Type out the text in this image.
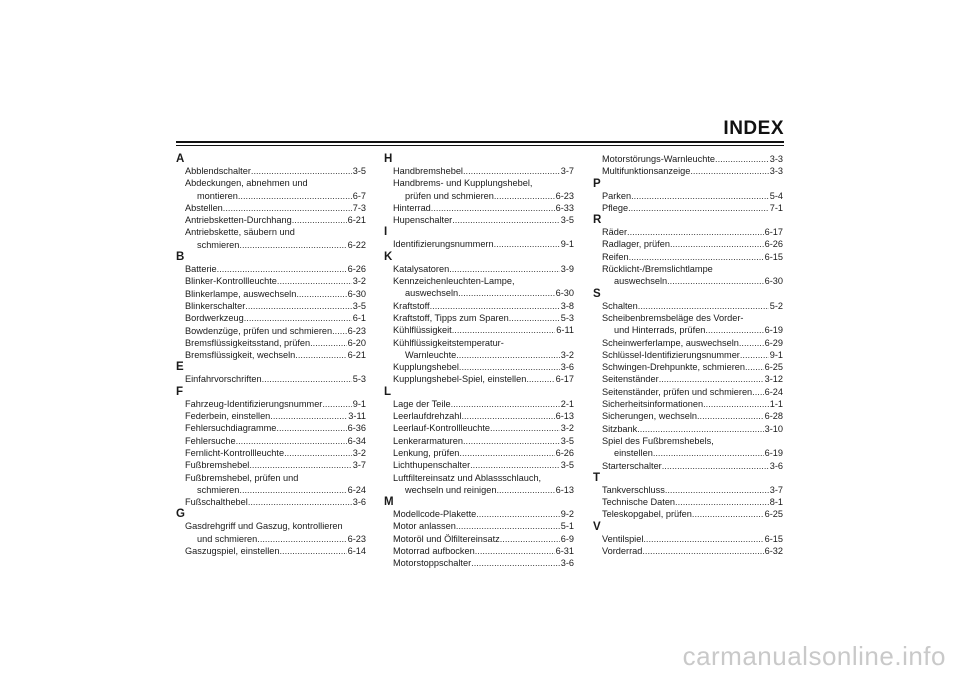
INDEX
A
Abblendschalter .....	3-5
Abdeckungen, abnehmen und
montieren .....	6-7
Abstellen .....	7-3
Antriebsketten-Durchhang .....	6-21
Antriebskette, säubern und
schmieren .....	6-22
B
Batterie .....	6-26
Blinker-Kontrollleuchte .....	3-2
Blinkerlampe, auswechseln .....	6-30
Blinkerschalter .....	3-5
Bordwerkzeug .....	6-1
Bowdenzüge, prüfen und schmieren ..... 6-23
Bremsflüssigkeitsstand, prüfen .....	6-20
Bremsflüssigkeit, wechseln .....	6-21
E
Einfahrvorschriften .....	5-3
F
Fahrzeug-Identifizierungsnummer .....	9-1
Federbein, einstellen .....	3-11
Fehlersuchdiagramme .....	6-36
Fehlersuche .....	6-34
Fernlicht-Kontrollleuchte .....	3-2
Fußbremshebel .....	3-7
Fußbremshebel, prüfen und
schmieren .....	6-24
Fußschalthebel .....	3-6
G
Gasdrehgriff und Gaszug, kontrollieren
und schmieren .....	6-23
Gaszugspiel, einstellen .....	6-14
H
Handbremshebel .....	3-7
Handbrems- und Kupplungshebel,
prüfen und schmieren .....	6-23
Hinterrad .....	6-33
Hupenschalter .....	3-5
I
Identifizierungsnummern .....	9-1
K
Katalysatoren .....	3-9
Kennzeichenleuchten-Lampe,
auswechseln .....	6-30
Kraftstoff .....	3-8
Kraftstoff, Tipps zum Sparen .....	5-3
Kühlflüssigkeit .....	6-11
Kühlflüssigkeitstemperatur-
Warnleuchte .....	3-2
Kupplungshebel .....	3-6
Kupplungshebel-Spiel, einstellen .....	6-17
L
Lage der Teile .....	2-1
Leerlaufdrehzahl .....	6-13
Leerlauf-Kontrollleuchte .....	3-2
Lenkerarmaturen .....	3-5
Lenkung, prüfen .....	6-26
Lichthupenschalter .....	3-5
Luftfiltereinsatz und Ablassschlauch,
wechseln und reinigen .....	6-13
M
Modellcode-Plakette .....	9-2
Motor anlassen .....	5-1
Motoröl und Ölfiltereinsatz .....	6-9
Motorrad aufbocken .....	6-31
Motorstoppschalter .....	3-6
Motorstörungs-Warnleuchte .....	3-3
Multifunktionsanzeige .....	3-3
P
Parken .....	5-4
Pflege .....	7-1
R
Räder .....	6-17
Radlager, prüfen .....	6-26
Reifen .....	6-15
Rücklicht-/Bremslichtlampe
auswechseln .....	6-30
S
Schalten .....	5-2
Scheibenbremsbeläge des Vorder-
und Hinterrads, prüfen .....	6-19
Scheinwerferlampe, auswechseln .....	6-29
Schlüssel-Identifizierungsnummer .....	9-1
Schwingen-Drehpunkte, schmieren ..... 6-25
Seitenständer .....	3-12
Seitenständer, prüfen und schmieren ..... 6-24
Sicherheitsinformationen .....	1-1
Sicherungen, wechseln .....	6-28
Sitzbank .....	3-10
Spiel des Fußbremshebels,
einstellen .....	6-19
Starterschalter .....	3-6
T
Tankverschluss .....	3-7
Technische Daten .....	8-1
Teleskopgabel, prüfen .....	6-25
V
Ventilspiel .....	6-15
Vorderrad .....	6-32
carmanualsonline.info
